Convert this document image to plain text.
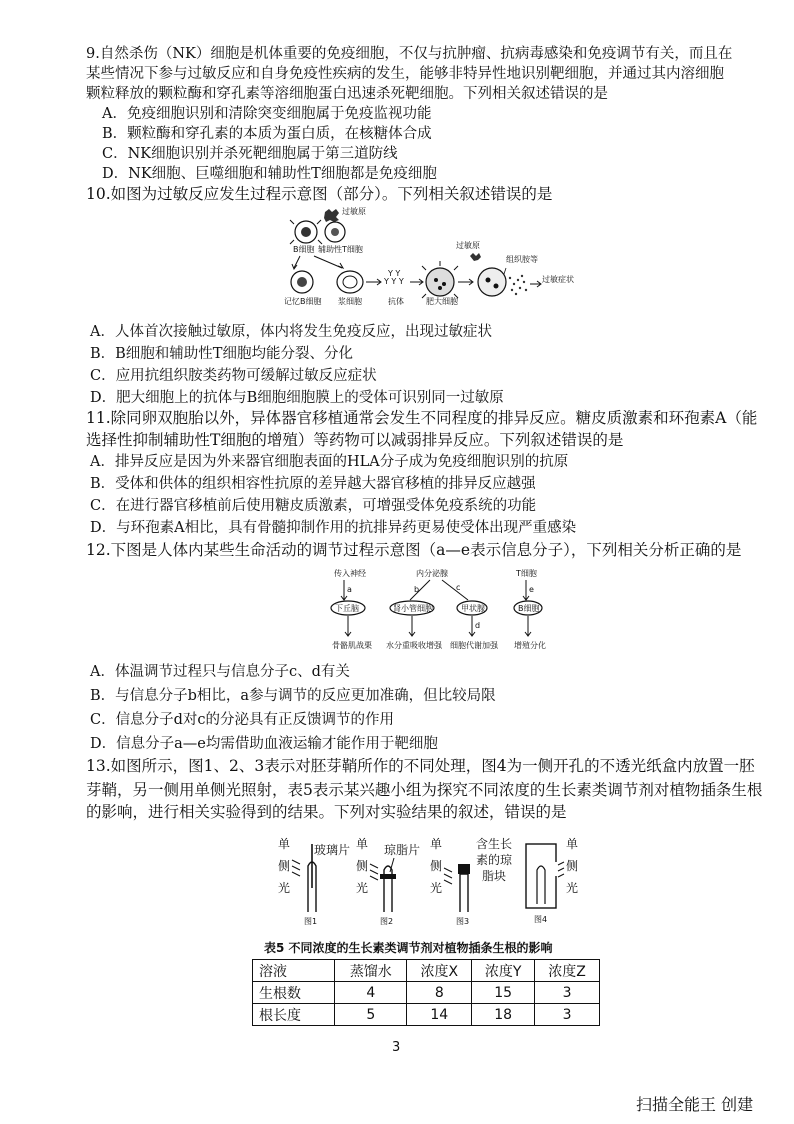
9.自然杀伤（NK）细胞是机体重要的免疫细胞，不仅与抗肿瘤、抗病毒感染和免疫调节有关，而且在
某些情况下参与过敏反应和自身免疫性疾病的发生，能够非特异性地识别靶细胞，并通过其内溶细胞
颗粒释放的颗粒酶和穿孔素等溶细胞蛋白迅速杀死靶细胞。下列相关叙述错误的是
A．免疫细胞识别和清除突变细胞属于免疫监视功能
B．颗粒酶和穿孔素的本质为蛋白质，在核糖体合成
C．NK细胞识别并杀死靶细胞属于第三道防线
D．NK细胞、巨噬细胞和辅助性T细胞都是免疫细胞
10.如图为过敏反应发生过程示意图（部分）。下列相关叙述错误的是
过敏原
B细胞 辅助性T细胞
记忆B细胞 浆细胞
Y Y Y
Y Y
抗体	肥大细胞
过敏原
组织胺等
过敏症状
A．人体首次接触过敏原，体内将发生免疫反应，出现过敏症状
B．B细胞和辅助性T细胞均能分裂、分化
C．应用抗组织胺类药物可缓解过敏反应症状
D．肥大细胞上的抗体与B细胞细胞膜上的受体可识别同一过敏原
11.除同卵双胞胎以外，异体器官移植通常会发生不同程度的排异反应。糖皮质激素和环孢素A（能
选择性抑制辅助性T细胞的增殖）等药物可以减弱排异反应。下列叙述错误的是
A．排异反应是因为外来器官细胞表面的HLA分子成为免疫细胞识别的抗原
B．受体和供体的组织相容性抗原的差异越大器官移植的排异反应越强
C．在进行器官移植前后使用糖皮质激素，可增强受体免疫系统的功能
D．与环孢素A相比，具有骨髓抑制作用的抗排异药更易使受体出现严重感染
12.下图是人体内某些生命活动的调节过程示意图（a—e表示信息分子），下列相关分析正确的是
传入神经	内分泌腺	T细胞
a	b	c	e
下丘脑	肾小管细胞	甲状腺	B细胞
d
骨骼肌战栗 水分重吸收增强 细胞代谢加强 增殖分化
A．体温调节过程只与信息分子c、d有关
B．与信息分子b相比，a参与调节的反应更加准确，但比较局限
C．信息分子d对c的分泌具有正反馈调节的作用
D．信息分子a—e均需借助血液运输才能作用于靶细胞
13.如图所示，图1、2、3表示对胚芽鞘所作的不同处理，图4为一侧开孔的不透光纸盒内放置一胚
芽鞘，另一侧用单侧光照射，表5表示某兴趣小组为探究不同浓度的生长素类调节剂对植物插条生根
的影响，进行相关实验得到的结果。下列对实验结果的叙述，错误的是
单
侧
光
玻璃片
图1
单
侧
光
琼脂片
图2
侧
光
单	含生长
素的琼
脂块
图3
单
侧
光
图4
表5 不同浓度的生长素类调节剂对植物插条生根的影响
溶液	蒸馏水	浓度X	浓度Y	浓度Z
生根数	4	8	15	3
根长度	5	14	18	3
3
扫描全能王 创建
